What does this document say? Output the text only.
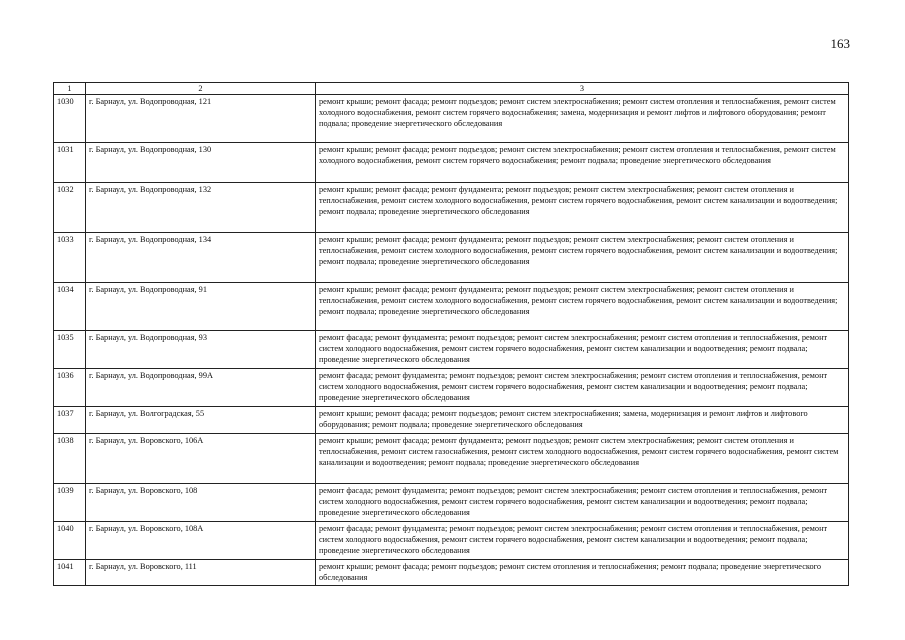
163
1	2	3
1030	г. Барнаул, ул. Водопроводная, 121	ремонт крыши; ремонт фасада; ремонт подъездов; ремонт систем электроснабжения; ремонт систем отопления и теплоснабжения, ремонт систем холодного водоснабжения, ремонт систем горячего водоснабжения; замена, модернизация и ремонт лифтов и лифтового оборудования; ремонт подвала; проведение энергетического обследования
1031	г. Барнаул, ул. Водопроводная, 130	ремонт крыши; ремонт фасада; ремонт подъездов; ремонт систем электроснабжения; ремонт систем отопления и теплоснабжения, ремонт систем холодного водоснабжения, ремонт систем горячего водоснабжения; ремонт подвала; проведение энергетического обследования
1032	г. Барнаул, ул. Водопроводная, 132	ремонт крыши; ремонт фасада; ремонт фундамента; ремонт подъездов; ремонт систем электроснабжения; ремонт систем отопления и теплоснабжения, ремонт систем холодного водоснабжения, ремонт систем горячего водоснабжения, ремонт систем канализации и водоотведения; ремонт подвала; проведение энергетического обследования
1033	г. Барнаул, ул. Водопроводная, 134	ремонт крыши; ремонт фасада; ремонт фундамента; ремонт подъездов; ремонт систем электроснабжения; ремонт систем отопления и теплоснабжения, ремонт систем холодного водоснабжения, ремонт систем горячего водоснабжения, ремонт систем канализации и водоотведения; ремонт подвала; проведение энергетического обследования
1034	г. Барнаул, ул. Водопроводная, 91	ремонт крыши; ремонт фасада; ремонт фундамента; ремонт подъездов; ремонт систем электроснабжения; ремонт систем отопления и теплоснабжения, ремонт систем холодного водоснабжения, ремонт систем горячего водоснабжения, ремонт систем канализации и водоотведения; ремонт подвала; проведение энергетического обследования
1035	г. Барнаул, ул. Водопроводная, 93	ремонт фасада; ремонт фундамента; ремонт подъездов; ремонт систем электроснабжения; ремонт систем отопления и теплоснабжения, ремонт систем холодного водоснабжения, ремонт систем горячего водоснабжения, ремонт систем канализации и водоотведения; ремонт подвала; проведение энергетического обследования
1036	г. Барнаул, ул. Водопроводная, 99А	ремонт фасада; ремонт фундамента; ремонт подъездов; ремонт систем электроснабжения; ремонт систем отопления и теплоснабжения, ремонт систем холодного водоснабжения, ремонт систем горячего водоснабжения, ремонт систем канализации и водоотведения; ремонт подвала; проведение энергетического обследования
1037	г. Барнаул, ул. Волгоградская, 55	ремонт крыши; ремонт фасада; ремонт подъездов; ремонт систем электроснабжения; замена, модернизация и ремонт лифтов и лифтового оборудования; ремонт подвала; проведение энергетического обследования
1038	г. Барнаул, ул. Воровского, 106А	ремонт крыши; ремонт фасада; ремонт фундамента; ремонт подъездов; ремонт систем электроснабжения; ремонт систем отопления и теплоснабжения, ремонт систем газоснабжения, ремонт систем холодного водоснабжения, ремонт систем горячего водоснабжения, ремонт систем канализации и водоотведения; ремонт подвала; проведение энергетического обследования
1039	г. Барнаул, ул. Воровского, 108	ремонт фасада; ремонт фундамента; ремонт подъездов; ремонт систем электроснабжения; ремонт систем отопления и теплоснабжения, ремонт систем холодного водоснабжения, ремонт систем горячего водоснабжения, ремонт систем канализации и водоотведения; ремонт подвала; проведение энергетического обследования
1040	г. Барнаул, ул. Воровского, 108А	ремонт фасада; ремонт фундамента; ремонт подъездов; ремонт систем электроснабжения; ремонт систем отопления и теплоснабжения, ремонт систем холодного водоснабжения, ремонт систем горячего водоснабжения, ремонт систем канализации и водоотведения; ремонт подвала; проведение энергетического обследования
1041	г. Барнаул, ул. Воровского, 111	ремонт крыши; ремонт фасада; ремонт подъездов; ремонт систем отопления и теплоснабжения; ремонт подвала; проведение энергетического обследования
